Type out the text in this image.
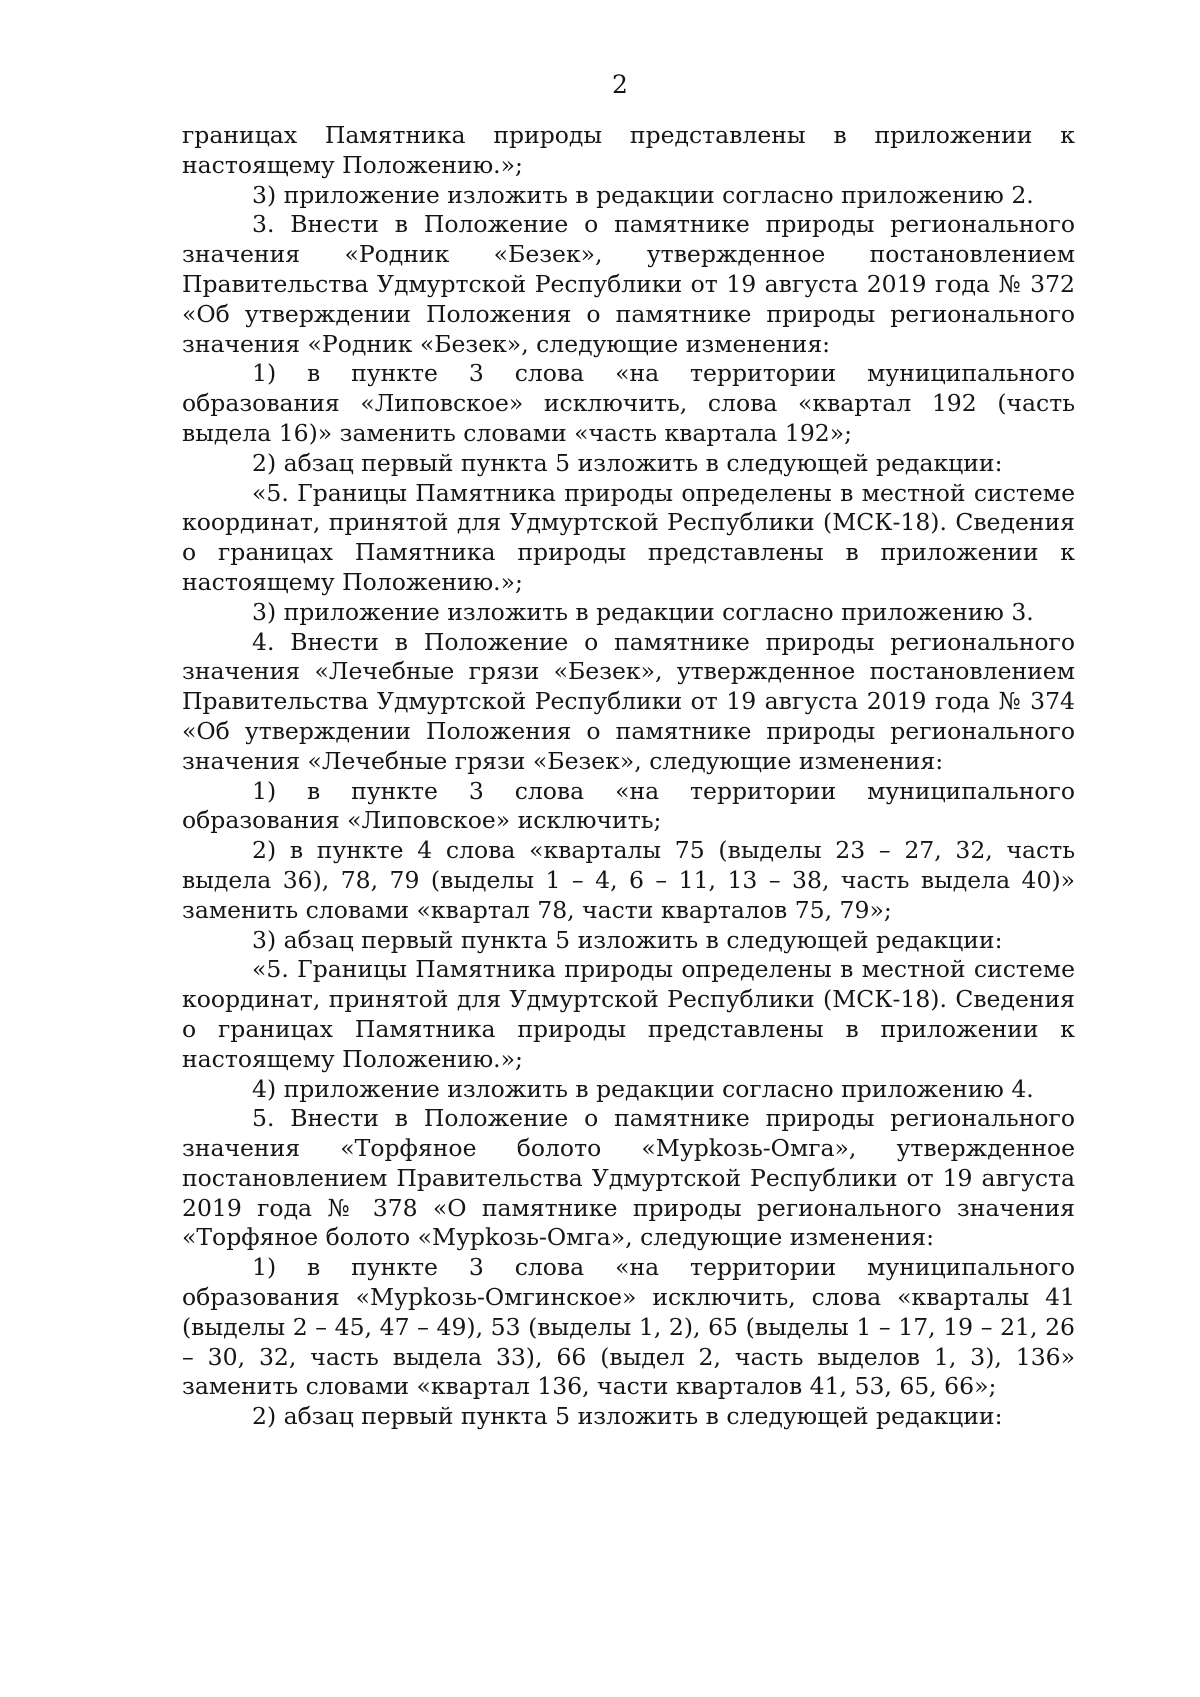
2

границах Памятника природы представлены в приложении к настоящему Положению.»;

3) приложение изложить в редакции согласно приложению 2.

3. Внести в Положение о памятнике природы регионального значения «Родник «Безек», утвержденное постановлением Правительства Удмуртской Республики от 19 августа 2019 года № 372 «Об утверждении Положения о памятнике природы регионального значения «Родник «Безек», следующие изменения:

1) в пункте 3 слова «на территории муниципального образования «Липовское» исключить, слова «квартал 192 (часть выдела 16)» заменить словами «часть квартала 192»;

2) абзац первый пункта 5 изложить в следующей редакции:

«5. Границы Памятника природы определены в местной системе координат, принятой для Удмуртской Республики (МСК-18). Сведения о границах Памятника природы представлены в приложении к настоящему Положению.»;

3) приложение изложить в редакции согласно приложению 3.

4. Внести в Положение о памятнике природы регионального значения «Лечебные грязи «Безек», утвержденное постановлением Правительства Удмуртской Республики от 19 августа 2019 года № 374 «Об утверждении Положения о памятнике природы регионального значения «Лечебные грязи «Безек», следующие изменения:

1) в пункте 3 слова «на территории муниципального образования «Липовское» исключить;

2) в пункте 4 слова «кварталы 75 (выделы 23 – 27, 32, часть выдела 36), 78, 79 (выделы 1 – 4, 6 – 11, 13 – 38, часть выдела 40)» заменить словами «квартал 78, части кварталов 75, 79»;

3) абзац первый пункта 5 изложить в следующей редакции:

«5. Границы Памятника природы определены в местной системе координат, принятой для Удмуртской Республики (МСК-18). Сведения о границах Памятника природы представлены в приложении к настоящему Положению.»;

4) приложение изложить в редакции согласно приложению 4.

5. Внести в Положение о памятнике природы регионального значения «Торфяное болото «Мурkозь-Омга», утвержденное постановлением Правительства Удмуртской Республики от 19 августа 2019 года № 378 «О памятнике природы регионального значения «Торфяное болото «Мурkозь-Омга», следующие изменения:

1) в пункте 3 слова «на территории муниципального образования «Мурkозь-Омгинское» исключить, слова «кварталы 41 (выделы 2 – 45, 47 – 49), 53 (выделы 1, 2), 65 (выделы 1 – 17, 19 – 21, 26 – 30, 32, часть выдела 33), 66 (выдел 2, часть выделов 1, 3), 136» заменить словами «квартал 136, части кварталов 41, 53, 65, 66»;

2) абзац первый пункта 5 изложить в следующей редакции:
